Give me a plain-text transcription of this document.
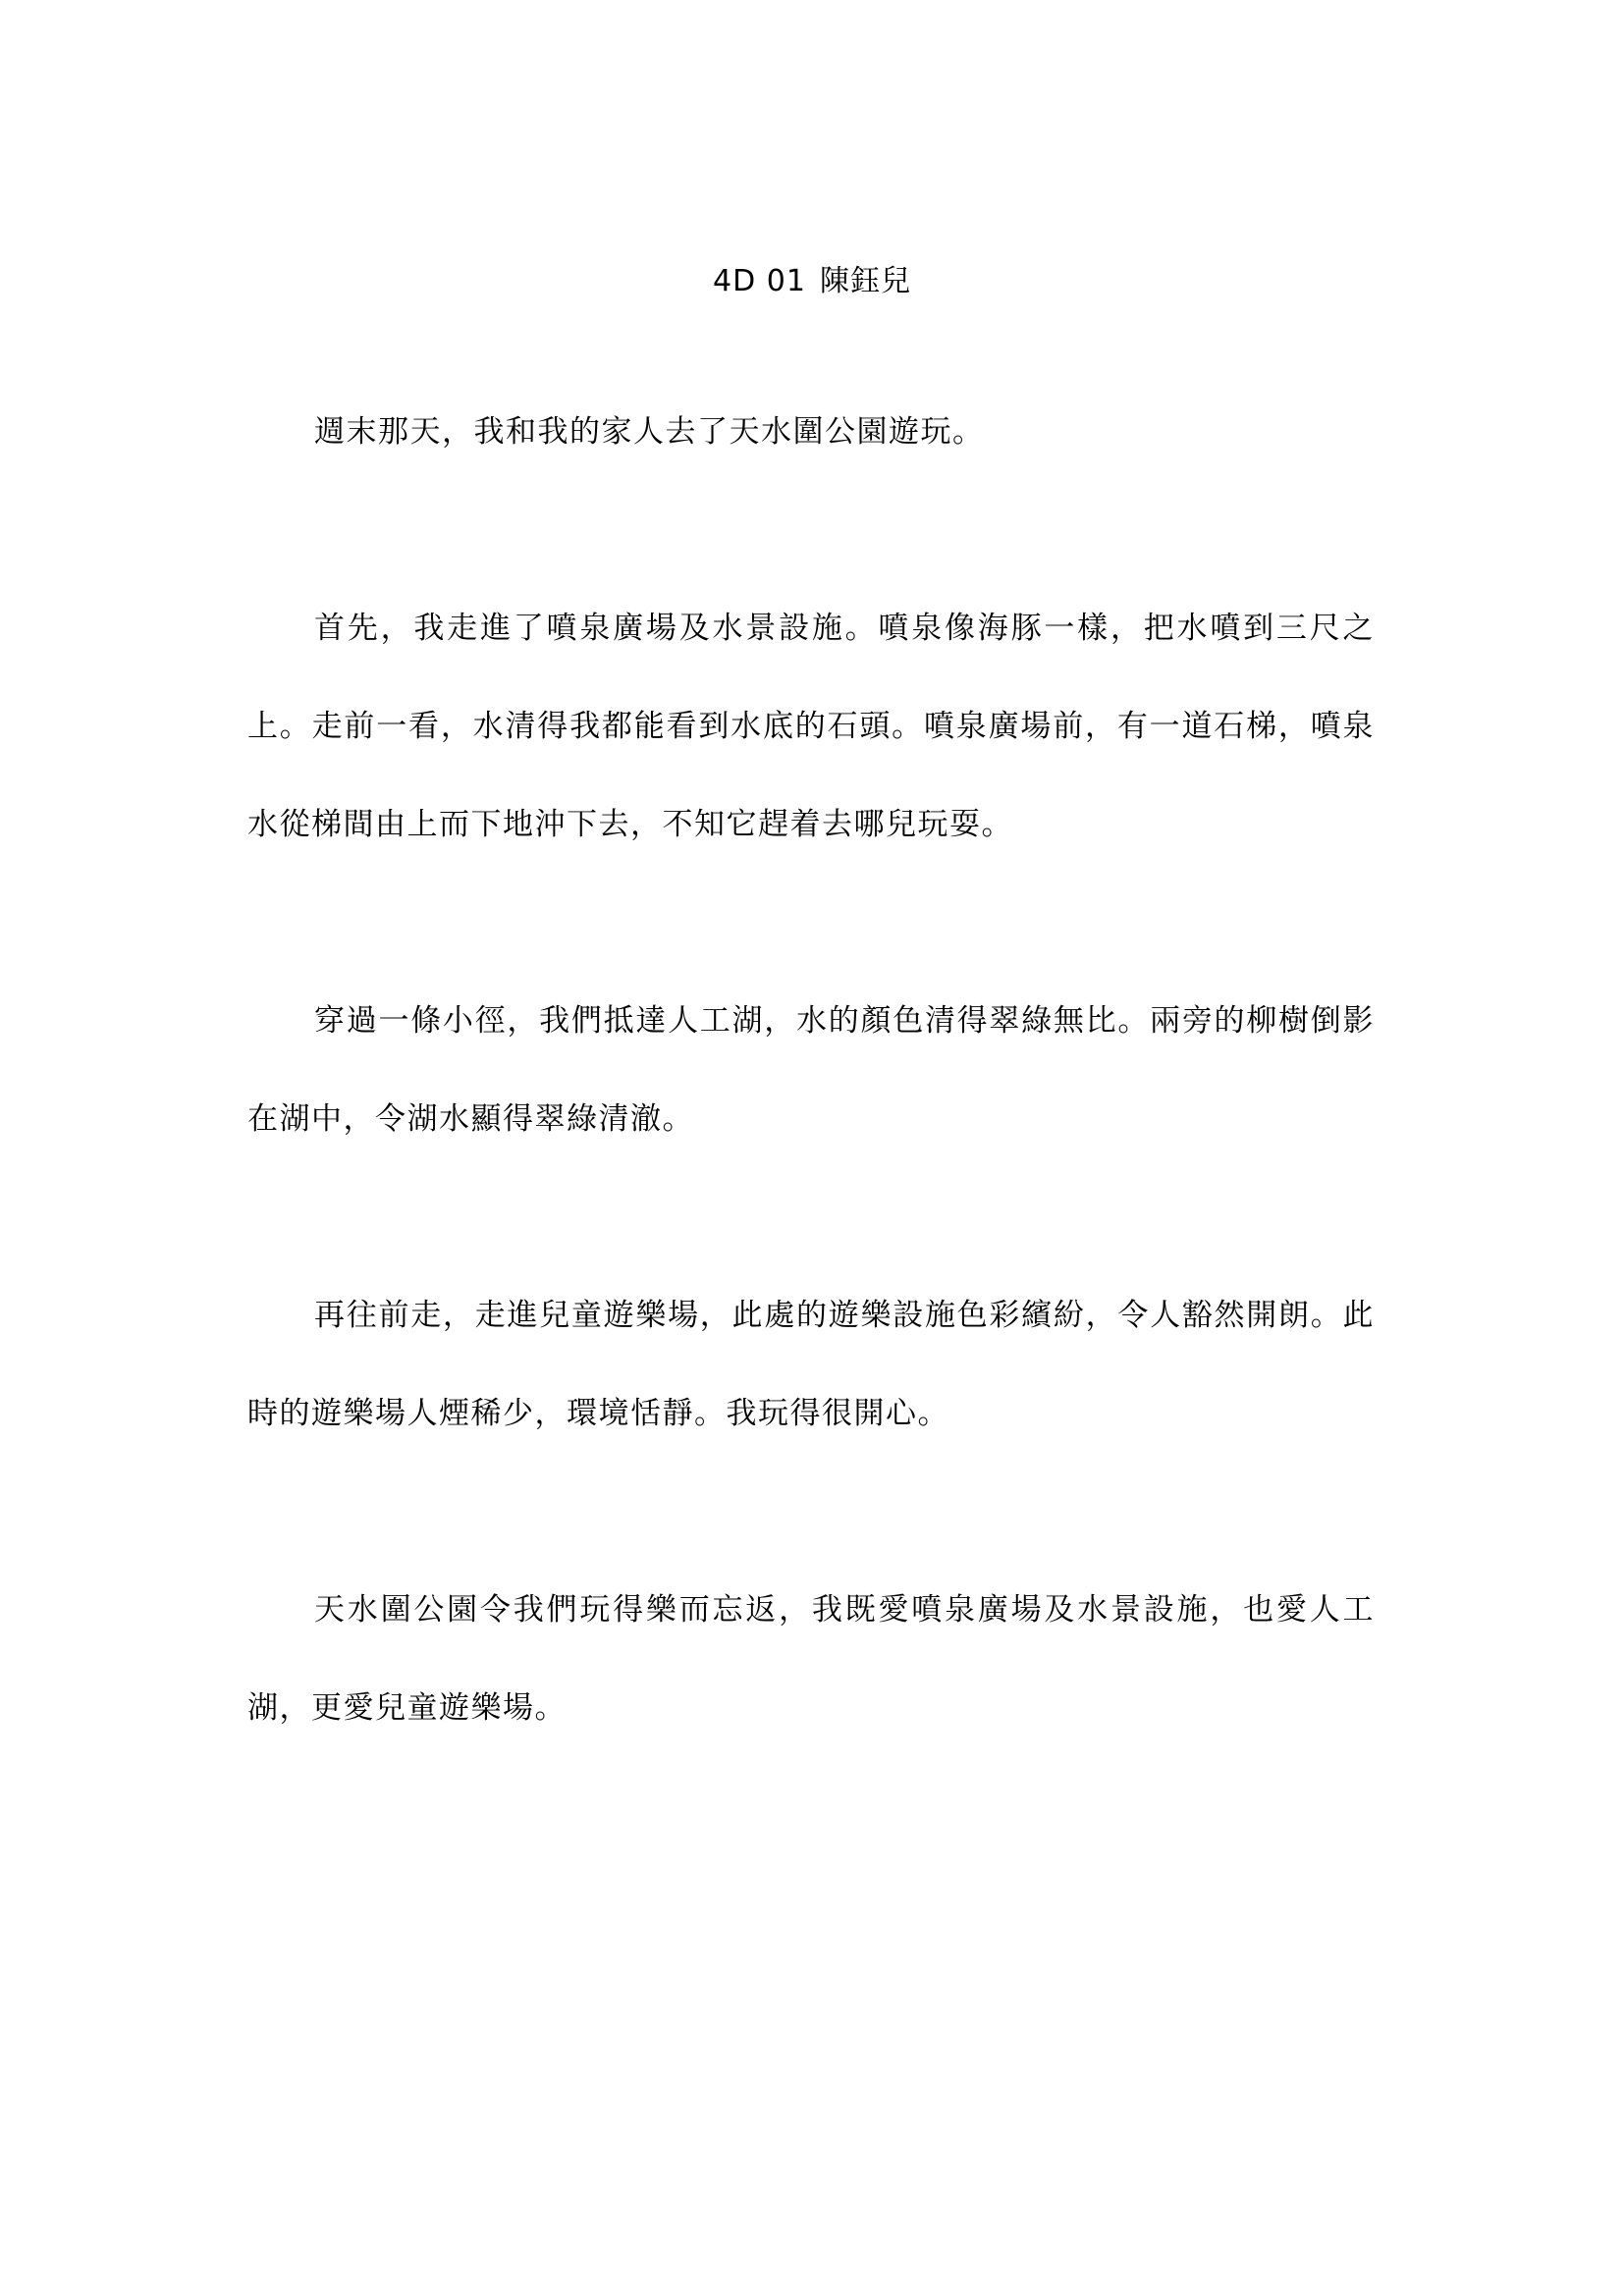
4D 01 陳鈺兒

週末那天，我和我的家人去了天水圍公園遊玩。

首先，我走進了噴泉廣場及水景設施。噴泉像海豚一樣，把水噴到三尺之上。走前一看，水清得我都能看到水底的石頭。噴泉廣場前，有一道石梯，噴泉水從梯間由上而下地沖下去，不知它趕着去哪兒玩耍。

穿過一條小徑，我們抵達人工湖，水的顏色清得翠綠無比。兩旁的柳樹倒影在湖中，令湖水顯得翠綠清澈。

再往前走，走進兒童遊樂場，此處的遊樂設施色彩繽紛，令人豁然開朗。此時的遊樂場人煙稀少，環境恬靜。我玩得很開心。

天水圍公園令我們玩得樂而忘返，我既愛噴泉廣場及水景設施，也愛人工湖，更愛兒童遊樂場。
